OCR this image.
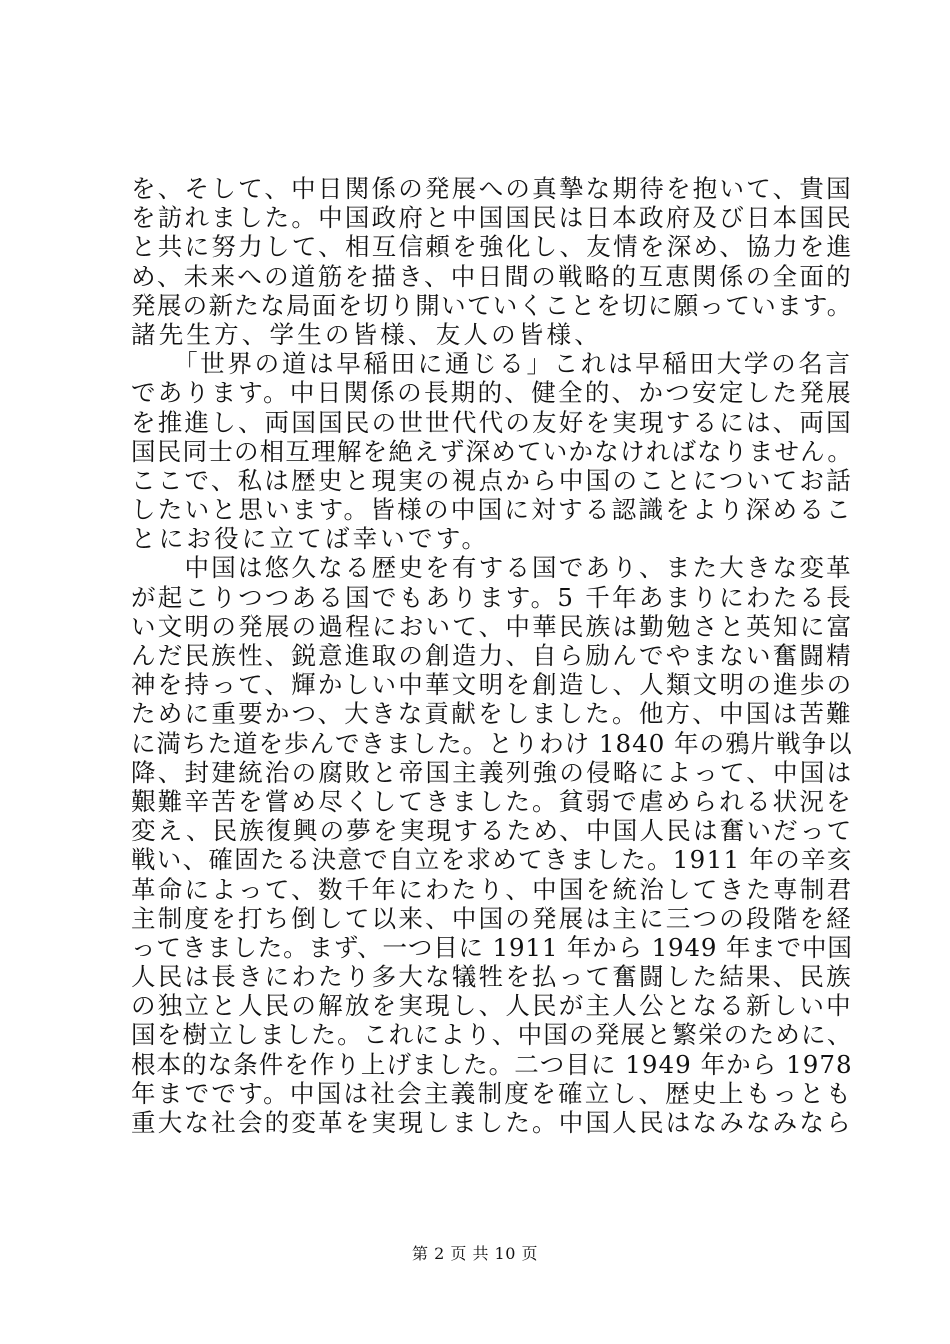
を、そして、中日関係の発展への真摯な期待を抱いて、貴国
を訪れました。中国政府と中国国民は日本政府及び日本国民
と共に努力して、相互信頼を強化し、友情を深め、協力を進
め、未来への道筋を描き、中日間の戦略的互恵関係の全面的
発展の新たな局面を切り開いていくことを切に願っています。
諸先生方、学生の皆様、友人の皆様、
　　「世界の道は早稲田に通じる」これは早稲田大学の名言
であります。中日関係の長期的、健全的、かつ安定した発展
を推進し、両国国民の世世代代の友好を実現するには、両国
国民同士の相互理解を絶えず深めていかなければなりません。
ここで、私は歴史と現実の視点から中国のことについてお話
したいと思います。皆様の中国に対する認識をより深めるこ
とにお役に立てば幸いです。
　　中国は悠久なる歴史を有する国であり、また大きな変革
が起こりつつある国でもあります。5 千年あまりにわたる長
い文明の発展の過程において、中華民族は勤勉さと英知に富
んだ民族性、鋭意進取の創造力、自ら励んでやまない奮闘精
神を持って、輝かしい中華文明を創造し、人類文明の進歩の
ために重要かつ、大きな貢献をしました。他方、中国は苦難
に満ちた道を歩んできました。とりわけ 1840 年の鴉片戦争以
降、封建統治の腐敗と帝国主義列強の侵略によって、中国は
艱難辛苦を嘗め尽くしてきました。貧弱で虐められる状況を
変え、民族復興の夢を実現するため、中国人民は奮いだって
戦い、確固たる決意で自立を求めてきました。1911 年の辛亥
革命によって、数千年にわたり、中国を統治してきた専制君
主制度を打ち倒して以来、中国の発展は主に三つの段階を経
ってきました。まず、一つ目に 1911 年から 1949 年まで中国
人民は長きにわたり多大な犠牲を払って奮闘した結果、民族
の独立と人民の解放を実現し、人民が主人公となる新しい中
国を樹立しました。これにより、中国の発展と繁栄のために、
根本的な条件を作り上げました。二つ目に 1949 年から 1978
年までです。中国は社会主義制度を確立し、歴史上もっとも
重大な社会的変革を実現しました。中国人民はなみなみなら
第 2 页 共 10 页
